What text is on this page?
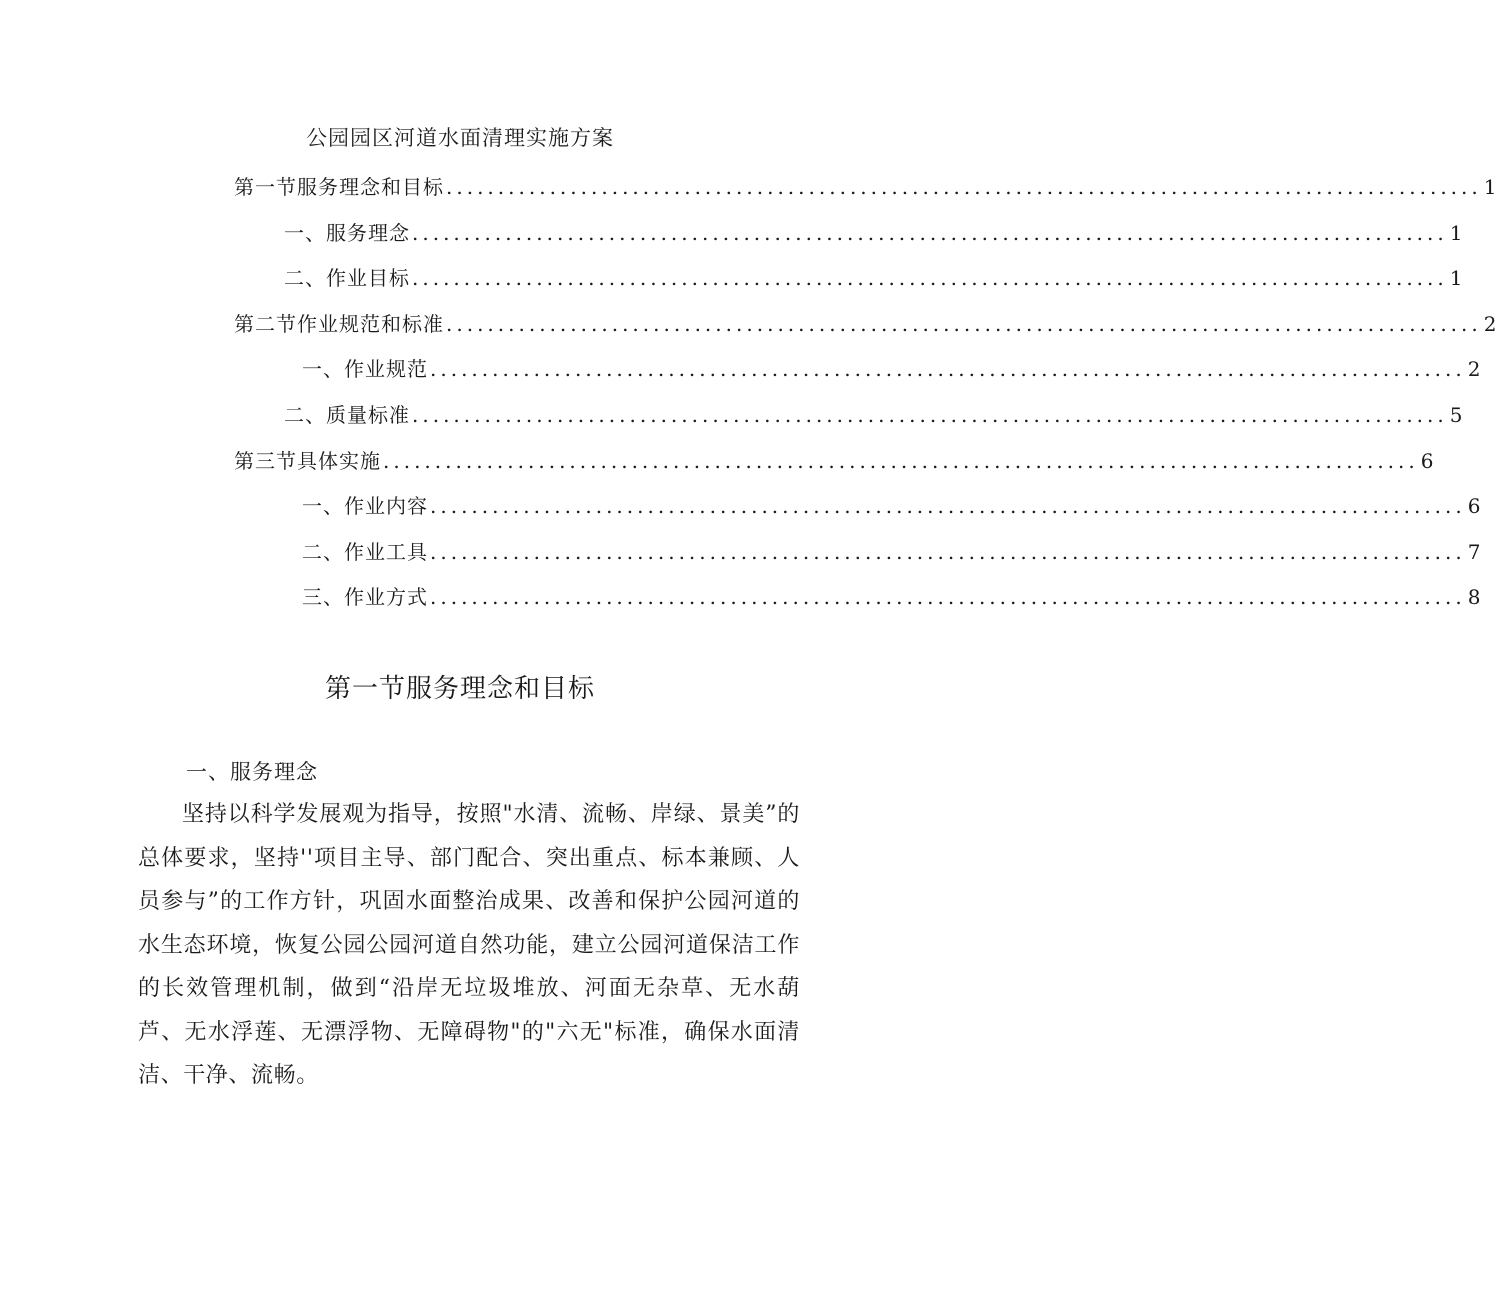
公园园区河道水面清理实施方案
第一节服务理念和目标 .................................................................................................... 1
一、服务理念 .................................................................................................... 1
二、作业目标 .................................................................................................... 1
第二节作业规范和标准 .................................................................................................... 2
一、作业规范 .................................................................................................... 2
二、质量标准 .................................................................................................... 5
第三节具体实施 .................................................................................................... 6
一、作业内容 .................................................................................................... 6
二、作业工具 .................................................................................................... 7
三、作业方式 .................................................................................................... 8
第一节服务理念和目标
一、服务理念

坚持以科学发展观为指导，按照"水清、流畅、岸绿、景美”的总体要求，坚持''项目主导、部门配合、突出重点、标本兼顾、人员参与”的工作方针，巩固水面整治成果、改善和保护公园河道的水生态环境，恢复公园公园河道自然功能，建立公园河道保洁工作的长效管理机制，做到“沿岸无垃圾堆放、河面无杂草、无水葫芦、无水浮莲、无漂浮物、无障碍物"的"六无"标准，确保水面清洁、干净、流畅。
